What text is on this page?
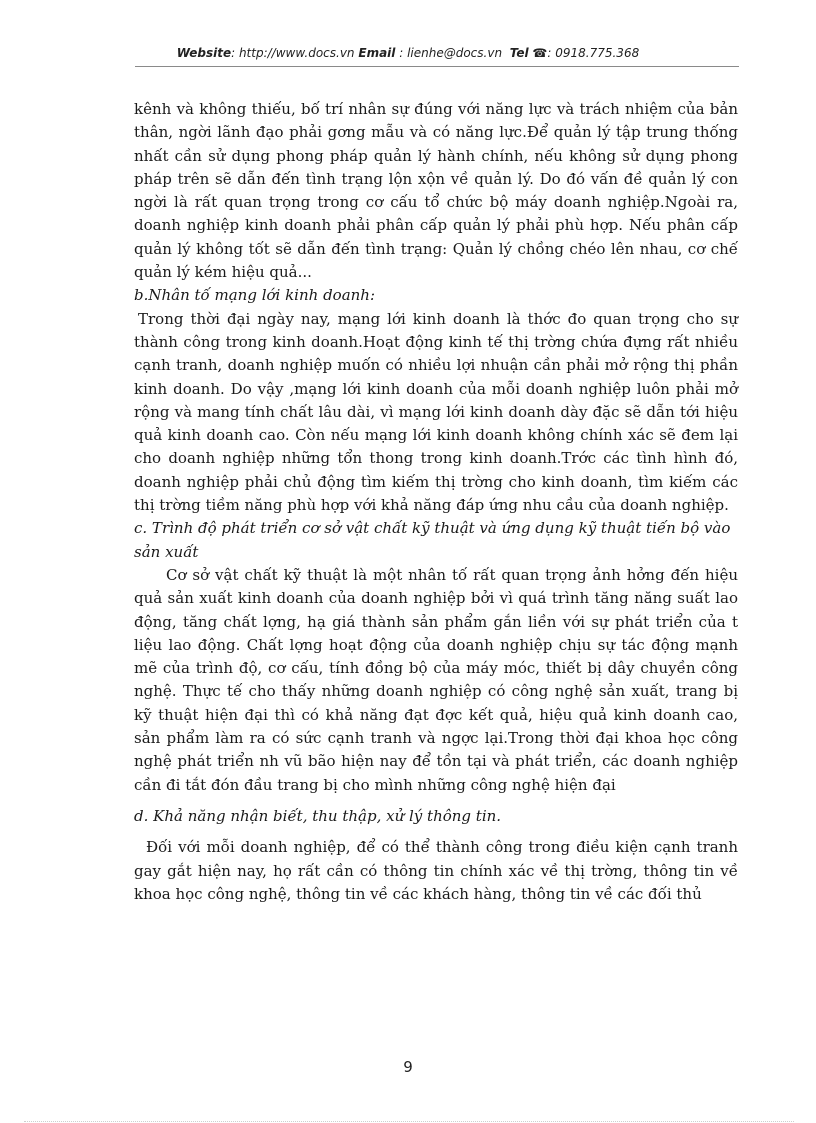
Website: http://www.docs.vn Email : lienhe@docs.vn Tel ☎: 0918.775.368

kênh và không thiếu, bố trí nhân sự đúng với năng lực và trách nhiệm của bản thân, ngời lãnh đạo phải gơng mẫu và có năng lực.Để quản lý tập trung thống nhất cần sử dụng phong pháp quản lý hành chính, nếu không sử dụng phong pháp trên sẽ dẫn đến tình trạng lộn xộn về quản lý. Do đó vấn đề quản lý con ngời là rất quan trọng trong cơ cấu tổ chức bộ máy doanh nghiệp.Ngoài ra, doanh nghiệp kinh doanh phải phân cấp quản lý phải phù hợp. Nếu phân cấp quản lý không tốt sẽ dẫn đến tình trạng: Quản lý chồng chéo lên nhau, cơ chế quản lý kém hiệu quả...

b.Nhân tố mạng lới kinh doanh:

Trong thời đại ngày nay, mạng lới kinh doanh là thớc đo quan trọng cho sự thành công trong kinh doanh.Hoạt động kinh tế thị trờng chứa đựng rất nhiều cạnh tranh, doanh nghiệp muốn có nhiều lợi nhuận cần phải mở rộng thị phần kinh doanh. Do vậy ,mạng lới kinh doanh của mỗi doanh nghiệp luôn phải mở rộng và mang tính chất lâu dài, vì mạng lới kinh doanh dày đặc sẽ dẫn tới hiệu quả kinh doanh cao. Còn nếu mạng lới kinh doanh không chính xác sẽ đem lại cho doanh nghiệp những tổn thong trong kinh doanh.Trớc các tình hình đó, doanh nghiệp phải chủ động tìm kiếm thị trờng cho kinh doanh, tìm kiếm các thị trờng tiềm năng phù hợp với khả năng đáp ứng nhu cầu của doanh nghiệp.

c. Trình độ phát triển cơ sở vật chất kỹ thuật và ứng dụng kỹ thuật tiến bộ vào sản xuất

Cơ sở vật chất kỹ thuật là một nhân tố rất quan trọng ảnh hởng đến hiệu quả sản xuất kinh doanh của doanh nghiệp bởi vì quá trình tăng năng suất lao động, tăng chất lợng, hạ giá thành sản phẩm gắn liền với sự phát triển của t liệu lao động. Chất lợng hoạt động của doanh nghiệp chịu sự tác động mạnh mẽ của trình độ, cơ cấu, tính đồng bộ của máy móc, thiết bị dây chuyền công nghệ. Thực tế cho thấy những doanh nghiệp có công nghệ sản xuất, trang bị kỹ thuật hiện đại thì có khả năng đạt đợc kết quả, hiệu quả kinh doanh cao, sản phẩm làm ra có sức cạnh tranh và ngợc lại.Trong thời đại khoa học công nghệ phát triển nh vũ bão hiện nay để tồn tại và phát triển, các doanh nghiệp cần đi tắt đón đầu trang bị cho mình những công nghệ hiện đại

d. Khả năng nhận biết, thu thập, xử lý thông tin.

Đối với mỗi doanh nghiệp, để có thể thành công trong điều kiện cạnh tranh gay gắt hiện nay, họ rất cần có thông tin chính xác về thị trờng, thông tin về khoa học công nghệ, thông tin về các khách hàng, thông tin về các đối thủ

9
